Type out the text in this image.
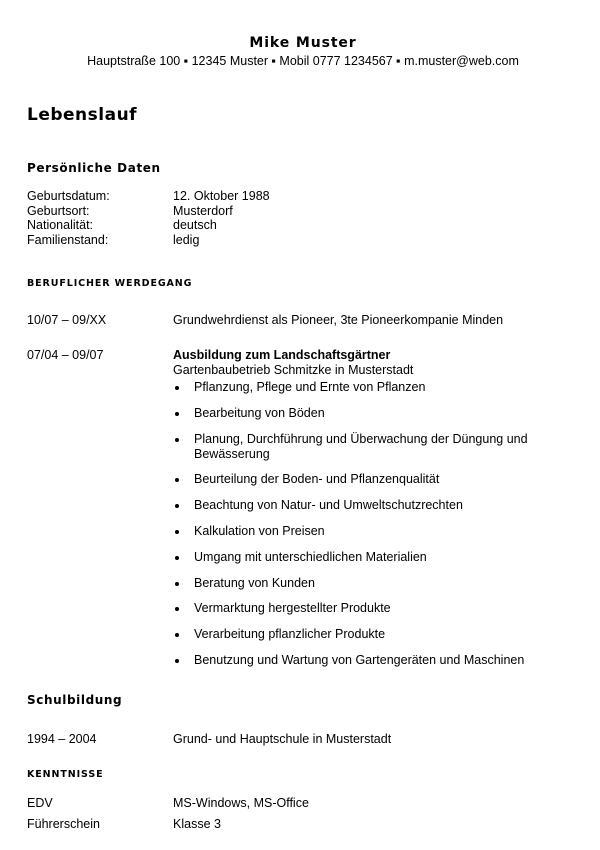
Mike Muster
Hauptstraße 100 ▪ 12345 Muster ▪ Mobil 0777 1234567 ▪ m.muster@web.com
Lebenslauf
Persönliche Daten
Geburtsdatum:	12. Oktober 1988
Geburtsort:	Musterdorf
Nationalität:	deutsch
Familienstand:	ledig
BERUFLICHER WERDEGANG
10/07 – 09/XX	Grundwehrdienst als Pioneer, 3te Pioneerkompanie Minden
07/04 – 09/07	Ausbildung zum Landschaftsgärtner
Gartenbaubetrieb Schmitzke in Musterstadt
Pflanzung, Pflege und Ernte von Pflanzen
Bearbeitung von Böden
Planung, Durchführung und Überwachung der Düngung und Bewässerung
Beurteilung der Boden- und Pflanzenqualität
Beachtung von Natur- und Umweltschutzrechten
Kalkulation von Preisen
Umgang mit unterschiedlichen Materialien
Beratung von Kunden
Vermarktung hergestellter Produkte
Verarbeitung pflanzlicher Produkte
Benutzung und Wartung von Gartengeräten und Maschinen
Schulbildung
1994 – 2004	Grund- und Hauptschule in Musterstadt
KENNTNISSE
EDV	MS-Windows, MS-Office
Führerschein	Klasse 3
